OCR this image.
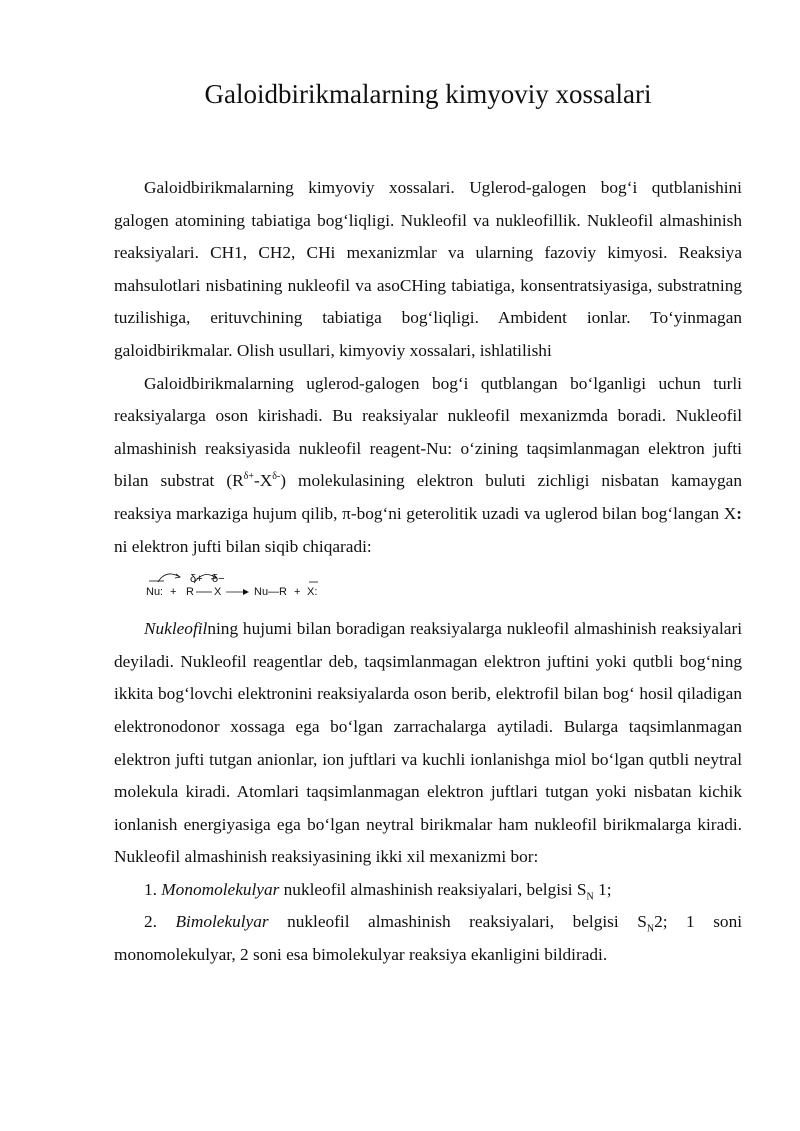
Galoidbirikmalarning kimyoviy xossalari

Galoidbirikmalarning kimyoviy xossalari. Uglerod-galogen bog‘i qutblanishini galogen atomining tabiatiga bog‘liqligi. Nukleofil va nukleofillik. Nukleofil almashinish reaksiyalari. CH1, CH2, CHi mexanizmlar va ularning fazoviy kimyosi. Reaksiya mahsulotlari nisbatining nukleofil va asoCHing tabiatiga, konsentratsiyasiga, substratning tuzilishiga, erituvchining tabiatiga bog‘liqligi. Ambident ionlar. To‘yinmagan galoidbirikmalar. Olish usullari, kimyoviy xossalari, ishlatilishi

Galoidbirikmalarning uglerod-galogen bog‘i qutblangan bo‘lganligi uchun turli reaksiyalarga oson kirishadi. Bu reaksiyalar nukleofil mexanizmda boradi. Nukleofil almashinish reaksiyasida nukleofil reagent-Nu: o‘zining taqsimlanmagan elektron jufti bilan substrat $(R^{\delta+}-X^{\delta-})$ molekulasining elektron buluti zichligi nisbatan kamaygan reaksiya markaziga hujum qilib, π-bog‘ni geterolitik uzadi va uglerod bilan bog‘langan X: ni elektron jufti bilan siqib chiqaradi:

Nu: +
δ+ δ−
R X	Nu—R + X:

Nukleofilning hujumi bilan boradigan reaksiyalarga nukleofil almashinish reaksiyalari deyiladi. Nukleofil reagentlar deb, taqsimlanmagan elektron juftini yoki qutbli bog‘ning ikkita bog‘lovchi elektronini reaksiyalarda oson berib, elektrofil bilan bog‘ hosil qiladigan elektronodonor xossaga ega bo‘lgan zarrachalarga aytiladi. Bularga taqsimlanmagan elektron jufti tutgan anionlar, ion juftlari va kuchli ionlanishga miol bo‘lgan qutbli neytral molekula kiradi. Atomlari taqsimlanmagan elektron juftlari tutgan yoki nisbatan kichik ionlanish energiyasiga ega bo‘lgan neytral birikmalar ham nukleofil birikmalarga kiradi. Nukleofil almashinish reaksiyasining ikki xil mexanizmi bor:

1. Monomolekulyar nukleofil almashinish reaksiyalari, belgisi $S_N$ 1;

2. Bimolekulyar nukleofil almashinish reaksiyalari, belgisi $S_N2$; 1 soni monomolekulyar, 2 soni esa bimolekulyar reaksiya ekanligini bildiradi.
